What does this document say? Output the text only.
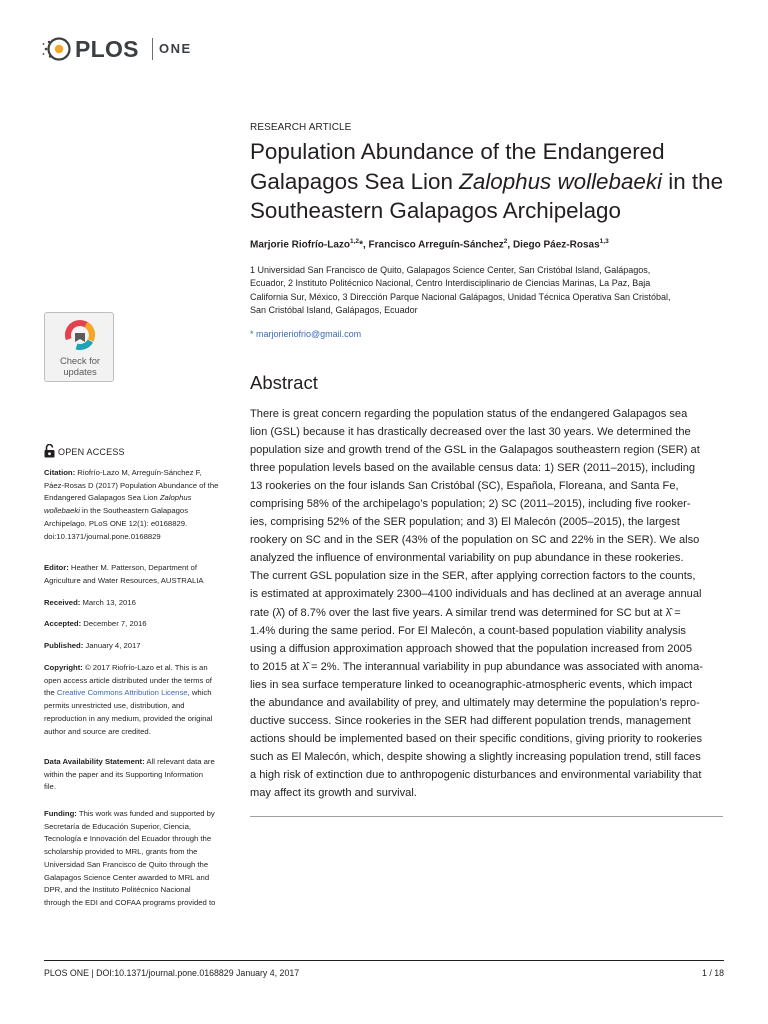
PLOS ONE
RESEARCH ARTICLE
Population Abundance of the Endangered
Galapagos Sea Lion Zalophus wollebaeki in the
Southeastern Galapagos Archipelago
Marjorie Riofrío-Lazo$^{1,2}$*, Francisco Arreguín-Sánchez$^2$, Diego Páez-Rosas$^{1,3}$
1 Universidad San Francisco de Quito, Galapagos Science Center, San Cristóbal Island, Galápagos,
Ecuador, 2 Instituto Politécnico Nacional, Centro Interdisciplinario de Ciencias Marinas, La Paz, Baja
California Sur, México, 3 Dirección Parque Nacional Galápagos, Unidad Técnica Operativa San Cristóbal,
San Cristóbal Island, Galápagos, Ecuador
* marjorieriofrio@gmail.com
Check for
updates
Abstract
There is great concern regarding the population status of the endangered Galapagos sea
lion (GSL) because it has drastically decreased over the last 30 years. We determined the
population size and growth trend of the GSL in the Galapagos southeastern region (SER) at
three population levels based on the available census data: 1) SER (2011–2015), including
13 rookeries on the four islands San Cristóbal (SC), Española, Floreana, and Santa Fe,
comprising 58% of the archipelago’s population; 2) SC (2011–2015), including five rooker-
ies, comprising 52% of the SER population; and 3) El Malecón (2005–2015), the largest
rookery on SC and in the SER (43% of the population on SC and 22% in the SER). We also
analyzed the influence of environmental variability on pup abundance in these rookeries.
The current GSL population size in the SER, after applying correction factors to the counts,
is estimated at approximately 2300–4100 individuals and has declined at an average annual
rate (λ̂) of 8.7% over the last five years. A similar trend was determined for SC but at λ̂ =
1.4% during the same period. For El Malecón, a count-based population viability analysis
using a diffusion approximation approach showed that the population increased from 2005
to 2015 at λ̂ = 2%. The interannual variability in pup abundance was associated with anoma-
lies in sea surface temperature linked to oceanographic-atmospheric events, which impact
the abundance and availability of prey, and ultimately may determine the population’s repro-
ductive success. Since rookeries in the SER had different population trends, management
actions should be implemented based on their specific conditions, giving priority to rookeries
such as El Malecón, which, despite showing a slightly increasing population trend, still faces
a high risk of extinction due to anthropogenic disturbances and environmental variability that
may affect its growth and survival.
OPEN ACCESS
Citation: Riofrío-Lazo M, Arreguín-Sánchez F,
Páez-Rosas D (2017) Population Abundance of the
Endangered Galapagos Sea Lion Zalophus
wollebaeki in the Southeastern Galapagos
Archipelago. PLoS ONE 12(1): e0168829.
doi:10.1371/journal.pone.0168829
Editor: Heather M. Patterson, Department of
Agriculture and Water Resources, AUSTRALIA
Received: March 13, 2016
Accepted: December 7, 2016
Published: January 4, 2017
Copyright: © 2017 Riofrío-Lazo et al. This is an
open access article distributed under the terms of
the Creative Commons Attribution License, which
permits unrestricted use, distribution, and
reproduction in any medium, provided the original
author and source are credited.
Data Availability Statement: All relevant data are
within the paper and its Supporting Information
file.
Funding: This work was funded and supported by
Secretaría de Educación Superior, Ciencia,
Tecnología e Innovación del Ecuador through the
scholarship provided to MRL, grants from the
Universidad San Francisco de Quito through the
Galapagos Science Center awarded to MRL and
DPR, and the Instituto Politécnico Nacional
through the EDI and COFAA programs provided to
PLOS ONE | DOI:10.1371/journal.pone.0168829 January 4, 2017	1 / 18
